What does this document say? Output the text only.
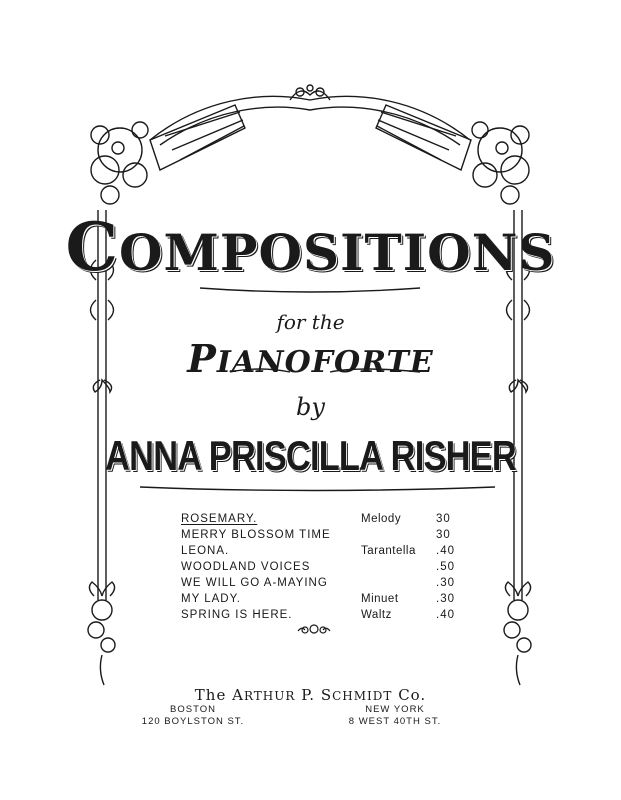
COMPOSITIONS
for the
PIANOFORTE
by
ANNA PRISCILLA RISHER
ROSEMARY.	Melody	30
MERRY BLOSSOM TIME	30
LEONA.	Tarantella .40
WOODLAND VOICES	.50
WE WILL GO A-MAYING	.30
MY LADY.	Minuet	.30
SPRING IS HERE.	Waltz	.40
The ARTHUR P. SCHMIDT Co.
BOSTON
120 BOYLSTON ST.
NEW YORK
8 WEST 40TH ST.
